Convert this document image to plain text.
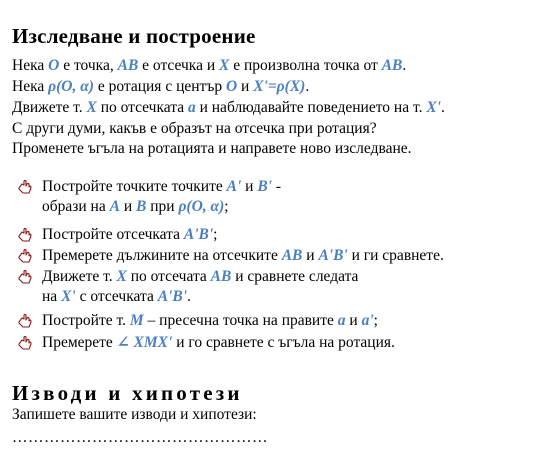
Изследване и построение
Нека O е точка, AB е отсечка и X е произволна точка от AB.
Нека ρ(O, α) е ротация с център O и X'=ρ(X).
Движете т. X по отсечката a и наблюдавайте поведението на т. X'.
С други думи, какъв е образът на отсечка при ротация?
Променете ъгъла на ротацията и направете ново изследване.
Постройте точките точките A' и B' -
образи на A и B при ρ(O, α);
Постройте отсечката A'B';
Премерете дължините на отсечките AB и A'B' и ги сравнете.
Движете т. X по отсечата AB и сравнете следата
на X' с отсечката A'B'.
Постройте т. M – пресечна точка на правите a и a';
Премерете ∠ XMX' и го сравнете с ъгъла на ротация.
Изводи и хипотези
Запишете вашите изводи и хипотези:
…………………………………………
